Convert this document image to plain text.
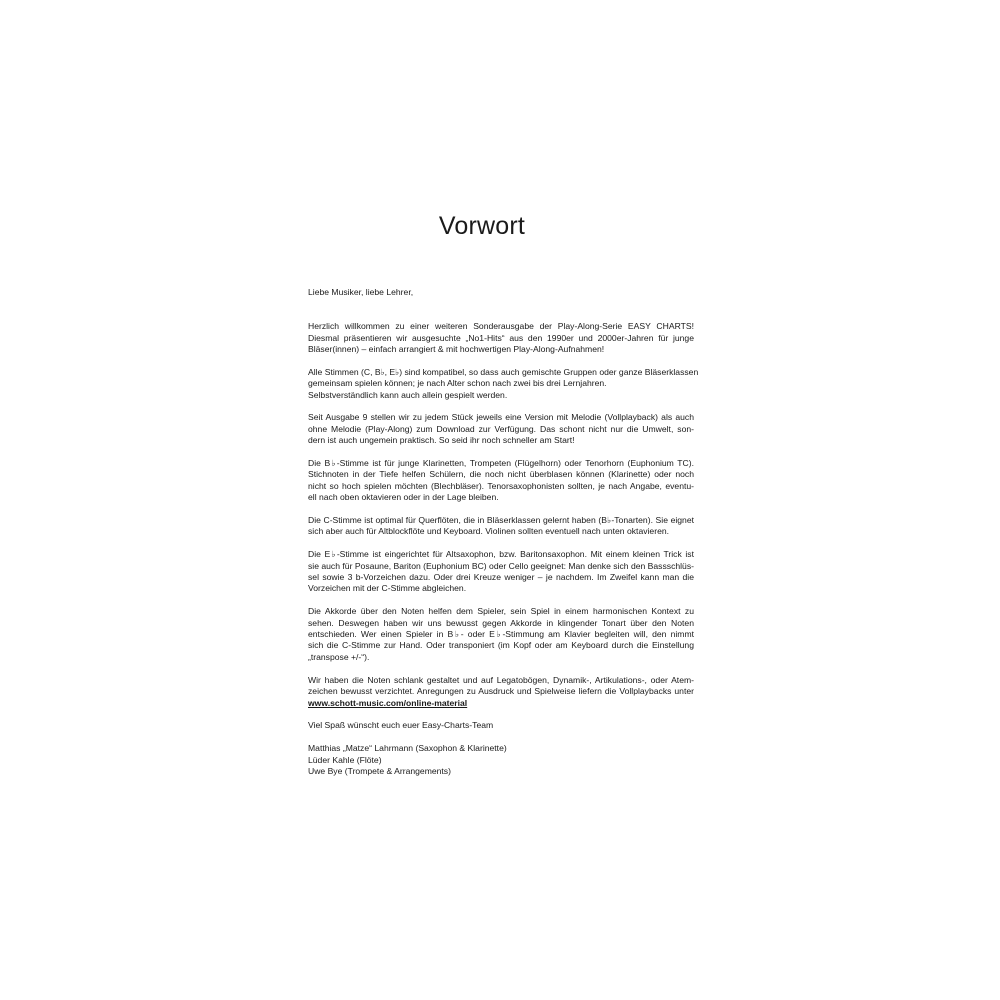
Vorwort
Liebe Musiker, liebe Lehrer,
Herzlich willkommen zu einer weiteren Sonderausgabe der Play-Along-Serie EASY CHARTS!
Diesmal präsentieren wir ausgesuchte „No1-Hits“ aus den 1990er und 2000er-Jahren für junge
Bläser(innen) – einfach arrangiert & mit hochwertigen Play-Along-Aufnahmen!
Alle Stimmen (C, B♭, E♭) sind kompatibel, so dass auch gemischte Gruppen oder ganze Bläserklassen
gemeinsam spielen können; je nach Alter schon nach zwei bis drei Lernjahren.
Selbstverständlich kann auch allein gespielt werden.
Seit Ausgabe 9 stellen wir zu jedem Stück jeweils eine Version mit Melodie (Vollplayback) als auch
ohne Melodie (Play-Along) zum Download zur Verfügung. Das schont nicht nur die Umwelt, son-
dern ist auch ungemein praktisch. So seid ihr noch schneller am Start!
Die B♭-Stimme ist für junge Klarinetten, Trompeten (Flügelhorn) oder Tenorhorn (Euphonium TC).
Stichnoten in der Tiefe helfen Schülern, die noch nicht überblasen können (Klarinette) oder noch
nicht so hoch spielen möchten (Blechbläser). Tenorsaxophonisten sollten, je nach Angabe, eventu-
ell nach oben oktavieren oder in der Lage bleiben.
Die C-Stimme ist optimal für Querflöten, die in Bläserklassen gelernt haben (B♭-Tonarten). Sie eignet
sich aber auch für Altblockflöte und Keyboard. Violinen sollten eventuell nach unten oktavieren.
Die E♭-Stimme ist eingerichtet für Altsaxophon, bzw. Baritonsaxophon. Mit einem kleinen Trick ist
sie auch für Posaune, Bariton (Euphonium BC) oder Cello geeignet: Man denke sich den Bassschlüs-
sel sowie 3 b-Vorzeichen dazu. Oder drei Kreuze weniger – je nachdem. Im Zweifel kann man die
Vorzeichen mit der C-Stimme abgleichen.
Die Akkorde über den Noten helfen dem Spieler, sein Spiel in einem harmonischen Kontext zu
sehen. Deswegen haben wir uns bewusst gegen Akkorde in klingender Tonart über den Noten
entschieden. Wer einen Spieler in B♭- oder E♭-Stimmung am Klavier begleiten will, den nimmt
sich die C-Stimme zur Hand. Oder transponiert (im Kopf oder am Keyboard durch die Einstellung
„transpose +/-“).
Wir haben die Noten schlank gestaltet und auf Legatobögen, Dynamik-, Artikulations-, oder Atem-
zeichen bewusst verzichtet. Anregungen zu Ausdruck und Spielweise liefern die Vollplaybacks unter
www.schott-music.com/online-material
Viel Spaß wünscht euch euer Easy-Charts-Team
Matthias „Matze“ Lahrmann (Saxophon & Klarinette)
Lüder Kahle (Flöte)
Uwe Bye (Trompete & Arrangements)
